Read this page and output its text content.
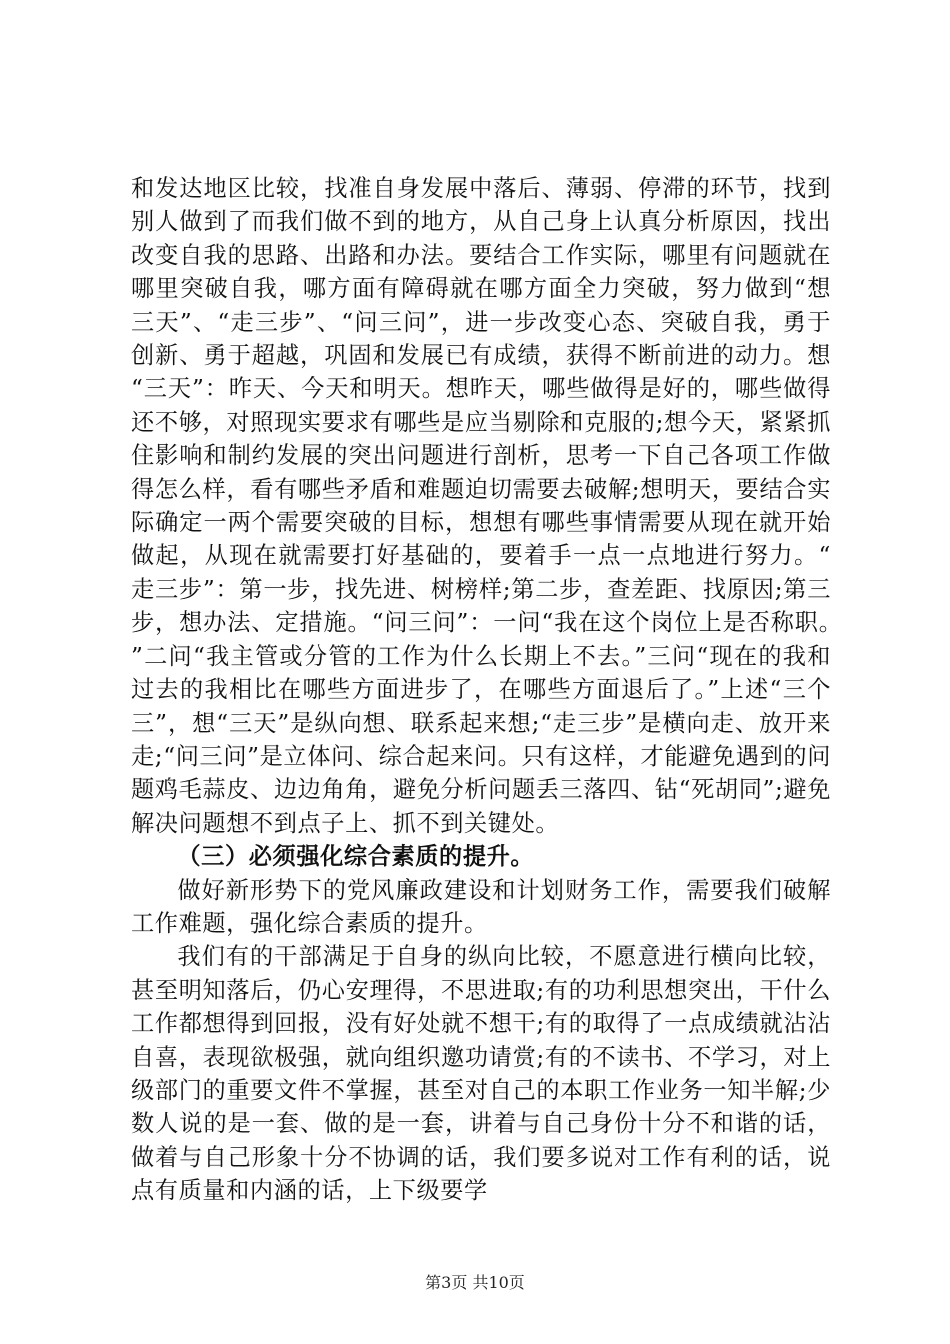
和发达地区比较，找准自身发展中落后、薄弱、停滞的环节，找到别人做到了而我们做不到的地方，从自己身上认真分析原因，找出改变自我的思路、出路和办法。要结合工作实际，哪里有问题就在哪里突破自我，哪方面有障碍就在哪方面全力突破，努力做到“想三天”、“走三步”、“问三问”，进一步改变心态、突破自我，勇于创新、勇于超越，巩固和发展已有成绩，获得不断前进的动力。想“三天”：昨天、今天和明天。想昨天，哪些做得是好的，哪些做得还不够，对照现实要求有哪些是应当剔除和克服的;想今天，紧紧抓住影响和制约发展的突出问题进行剖析，思考一下自己各项工作做得怎么样，看有哪些矛盾和难题迫切需要去破解;想明天，要结合实际确定一两个需要突破的目标，想想有哪些事情需要从现在就开始做起，从现在就需要打好基础的，要着手一点一点地进行努力。“走三步”：第一步，找先进、树榜样;第二步，查差距、找原因;第三步，想办法、定措施。“问三问”：一问“我在这个岗位上是否称职。”二问“我主管或分管的工作为什么长期上不去。”三问“现在的我和过去的我相比在哪些方面进步了，在哪些方面退后了。”上述“三个三”，想“三天”是纵向想、联系起来想;“走三步”是横向走、放开来走;“问三问”是立体问、综合起来问。只有这样，才能避免遇到的问题鸡毛蒜皮、边边角角，避免分析问题丢三落四、钻“死胡同”;避免解决问题想不到点子上、抓不到关键处。

（三）必须强化综合素质的提升。

做好新形势下的党风廉政建设和计划财务工作，需要我们破解工作难题，强化综合素质的提升。

我们有的干部满足于自身的纵向比较，不愿意进行横向比较，甚至明知落后，仍心安理得，不思进取;有的功利思想突出，干什么工作都想得到回报，没有好处就不想干;有的取得了一点成绩就沾沾自喜，表现欲极强，就向组织邀功请赏;有的不读书、不学习，对上级部门的重要文件不掌握，甚至对自己的本职工作业务一知半解;少数人说的是一套、做的是一套，讲着与自己身份十分不和谐的话，做着与自己形象十分不协调的话，我们要多说对工作有利的话，说点有质量和内涵的话，上下级要学

第3页 共10页
